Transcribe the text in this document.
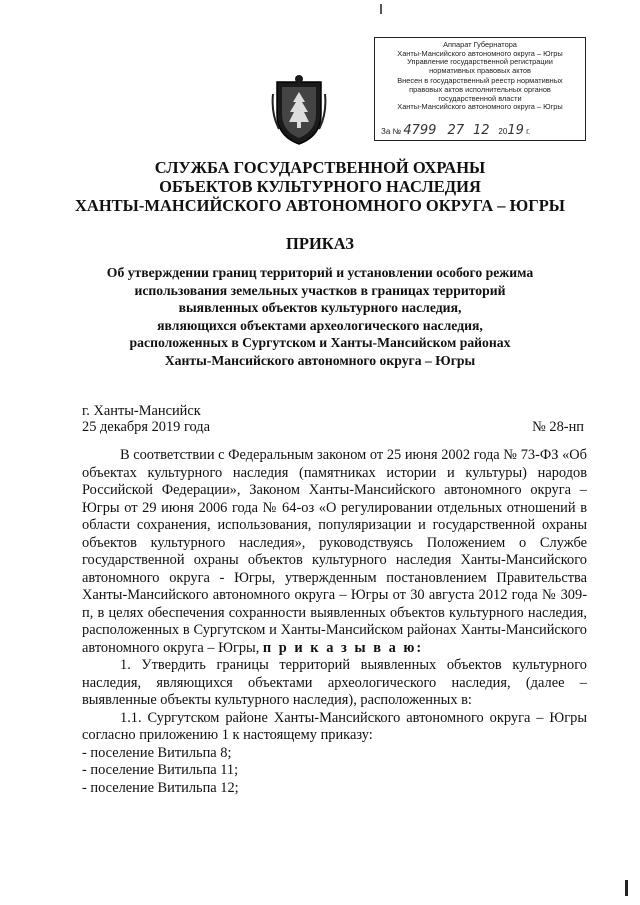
Аппарат Губернатора
Ханты-Мансийского автономного округа – Югры
Управление государственной регистрации
нормативных правовых актов
Внесен в государственный реестр нормативных
правовых актов исполнительных органов
государственной власти
Ханты-Мансийского автономного округа – Югры
За № 4799 27 12 2019 г.
СЛУЖБА ГОСУДАРСТВЕННОЙ ОХРАНЫ
ОБЪЕКТОВ КУЛЬТУРНОГО НАСЛЕДИЯ
ХАНТЫ-МАНСИЙСКОГО АВТОНОМНОГО ОКРУГА – ЮГРЫ
ПРИКАЗ
Об утверждении границ территорий и установлении особого режима
использования земельных участков в границах территорий
выявленных объектов культурного наследия,
являющихся объектами археологического наследия,
расположенных в Сургутском и Ханты-Мансийском районах
Ханты-Мансийского автономного округа – Югры
г. Ханты-Мансийск
25 декабря 2019 года	№ 28-нп

В соответствии с Федеральным законом от 25 июня 2002 года № 73-ФЗ «Об объектах культурного наследия (памятниках истории и культуры) народов Российской Федерации», Законом Ханты-Мансийского автономного округа – Югры от 29 июня 2006 года № 64-оз «О регулировании отдельных отношений в области сохранения, использования, популяризации и государственной охраны объектов культурного наследия», руководствуясь Положением о Службе государственной охраны объектов культурного наследия Ханты-Мансийского автономного округа - Югры, утвержденным постановлением Правительства Ханты-Мансийского автономного округа – Югры от 30 августа 2012 года № 309-п, в целях обеспечения сохранности выявленных объектов культурного наследия, расположенных в Сургутском и Ханты-Мансийском районах Ханты-Мансийского автономного округа – Югры, п р и к а з ы в а ю:

1. Утвердить границы территорий выявленных объектов культурного наследия, являющихся объектами археологического наследия, (далее – выявленные объекты культурного наследия), расположенных в:

1.1. Сургутском районе Ханты-Мансийского автономного округа – Югры согласно приложению 1 к настоящему приказу:

- поселение Витильпа 8;
- поселение Витильпа 11;
- поселение Витильпа 12;
